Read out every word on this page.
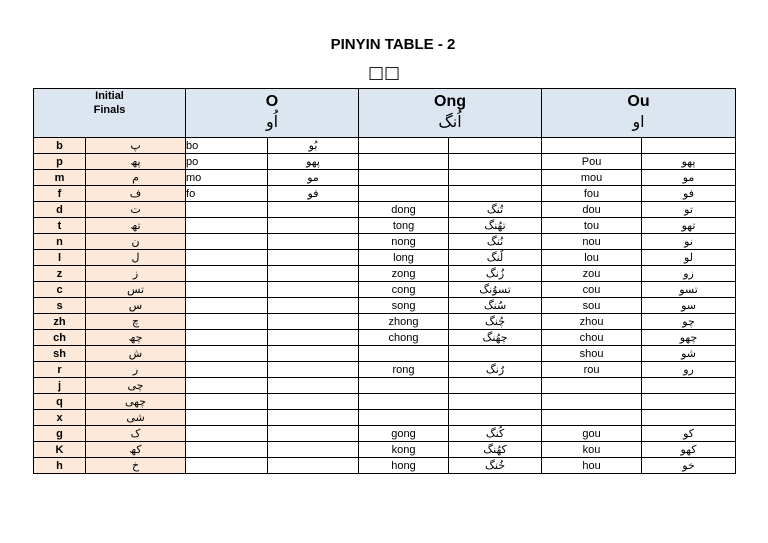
PINYIN TABLE - 2
□□
Initial
Finals		O
اُو		Ong
اُنگ		Ou
او	

b	پ	bo	بُو				
p	پھ	po	پھو			Pou	پھو
m	م	mo	مو			mou	مو
f	ف	fo	فو			fou	فو
d	ت			dong	تُنگ	dou	تو
t	تھ			tong	تھُنگ	tou	تھو
n	ن			nong	نُنگ	nou	نو
l	ل			long	لُنگ	lou	لو
z	ز			zong	زُنگ	zou	زو
c	تس			cong	تسوُنگ	cou	تسو
s	س			song	سُنگ	sou	سو
zh	چ			zhong	چُنگ	zhou	چو
ch	چھ			chong	چھُنگ	chou	چھو
sh	ش					shou	شو
r	ر			rong	رُنگ	rou	رو
j	چی						
q	چھی						
x	شی						
g	ک			gong	کُنگ	gou	کو
K	کھ			kong	کھُنگ	kou	کھو
h	خ			hong	خُنگ	hou	خو
